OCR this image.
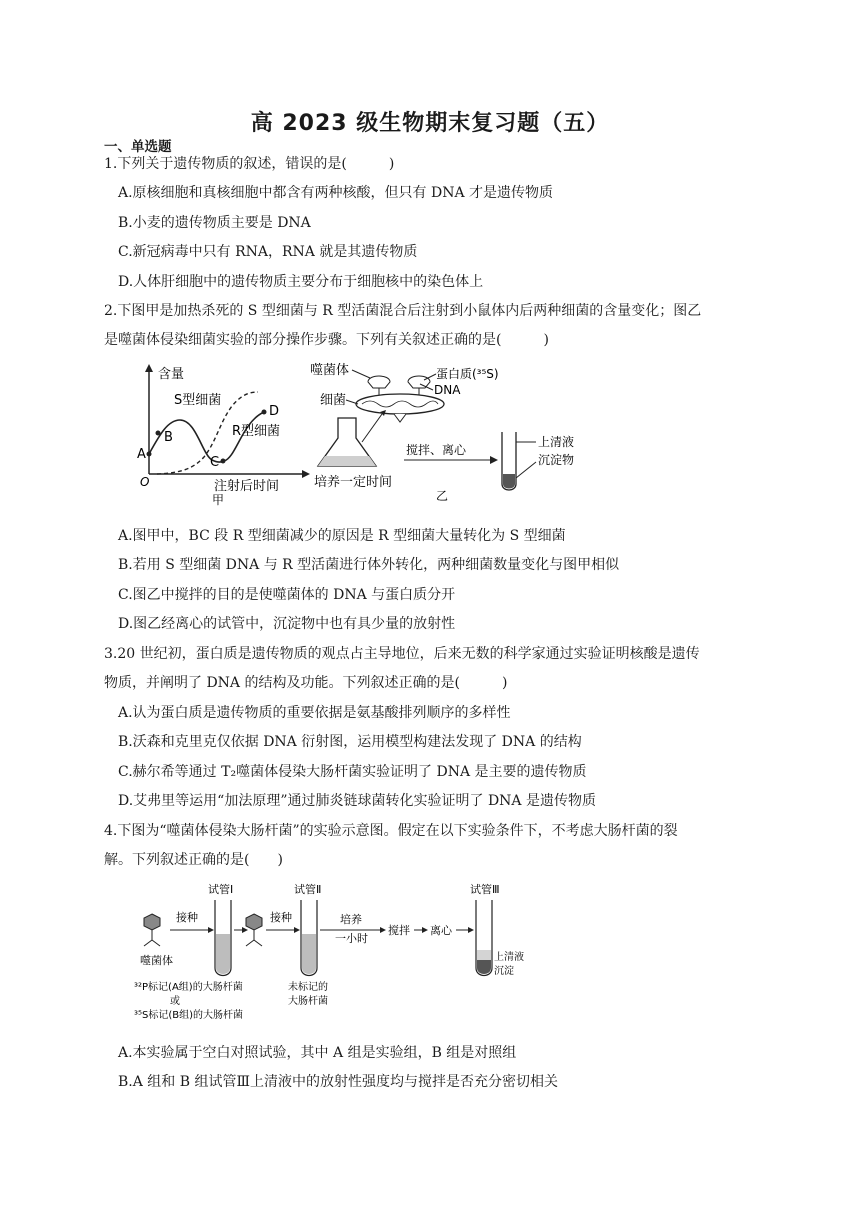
高 2023 级生物期末复习题（五）
一、单选题
1.下列关于遗传物质的叙述，错误的是(　　　)
A.原核细胞和真核细胞中都含有两种核酸，但只有 DNA 才是遗传物质
B.小麦的遗传物质主要是 DNA
C.新冠病毒中只有 RNA，RNA 就是其遗传物质
D.人体肝细胞中的遗传物质主要分布于细胞核中的染色体上
2.下图甲是加热杀死的 S 型细菌与 R 型活菌混合后注射到小鼠体内后两种细菌的含量变化；图乙
是噬菌体侵染细菌实验的部分操作步骤。下列有关叙述正确的是(　　　)
含量
A
B
C
D
S型细菌
R型细菌
O	注射后时间
甲
噬菌体	蛋白质(³⁵S)
DNA
细菌
培养一定时间
搅拌、离心
上清液
沉淀物
乙
A.图甲中，BC 段 R 型细菌减少的原因是 R 型细菌大量转化为 S 型细菌
B.若用 S 型细菌 DNA 与 R 型活菌进行体外转化，两种细菌数量变化与图甲相似
C.图乙中搅拌的目的是使噬菌体的 DNA 与蛋白质分开
D.图乙经离心的试管中，沉淀物中也有具少量的放射性
3.20 世纪初，蛋白质是遗传物质的观点占主导地位，后来无数的科学家通过实验证明核酸是遗传
物质，并阐明了 DNA 的结构及功能。下列叙述正确的是(　　　)
A.认为蛋白质是遗传物质的重要依据是氨基酸排列顺序的多样性
B.沃森和克里克仅依据 DNA 衍射图，运用模型构建法发现了 DNA 的结构
C.赫尔希等通过 T₂噬菌体侵染大肠杆菌实验证明了 DNA 是主要的遗传物质
D.艾弗里等运用“加法原理”通过肺炎链球菌转化实验证明了 DNA 是遗传物质
4.下图为“噬菌体侵染大肠杆菌”的实验示意图。假定在以下实验条件下，不考虑大肠杆菌的裂
解。下列叙述正确的是(　　)
试管Ⅰ	试管Ⅱ	试管Ⅲ
接种	接种	培养
一小时
搅拌 离心
噬菌体
³²P标记(A组)的大肠杆菌
或
³⁵S标记(B组)的大肠杆菌
未标记的
大肠杆菌
上清液
沉淀
A.本实验属于空白对照试验，其中 A 组是实验组，B 组是对照组
B.A 组和 B 组试管Ⅲ上清液中的放射性强度均与搅拌是否充分密切相关
